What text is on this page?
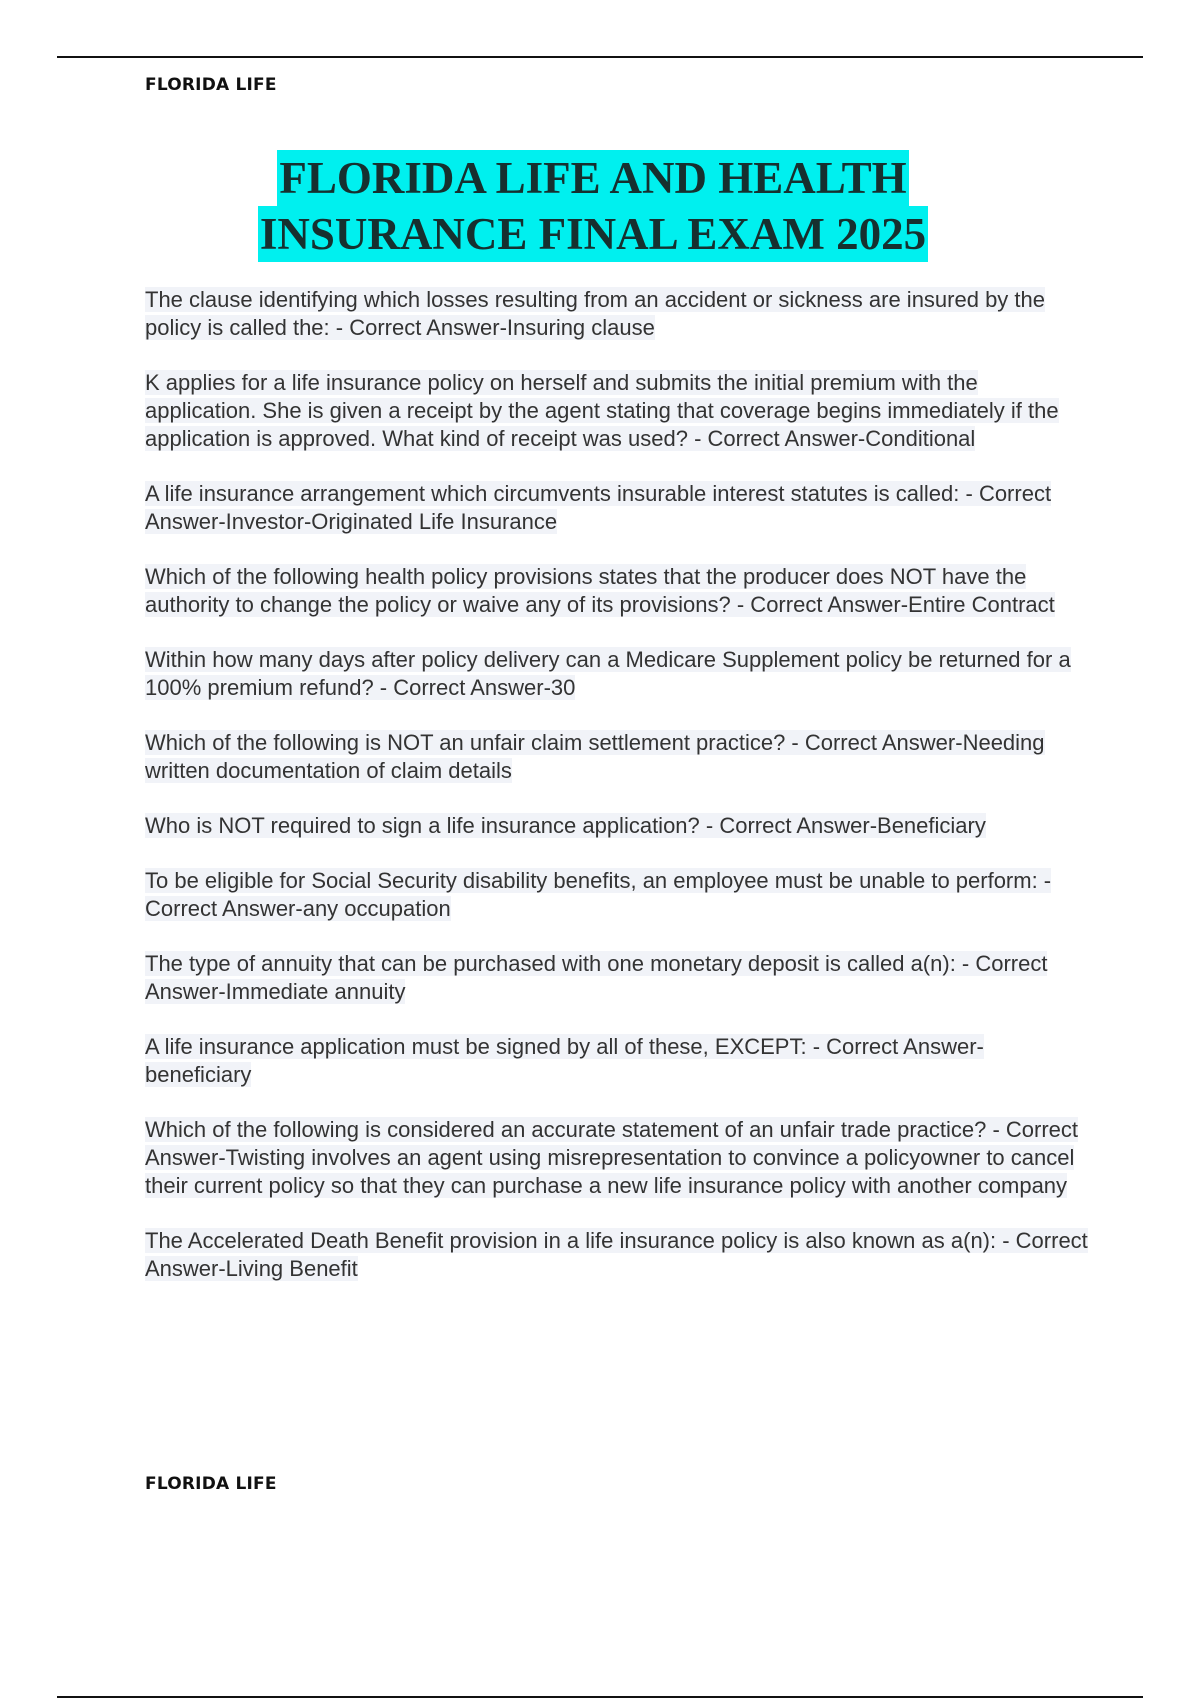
FLORIDA LIFE
FLORIDA LIFE AND HEALTH
INSURANCE FINAL EXAM 2025

The clause identifying which losses resulting from an accident or sickness are insured by the policy is called the: - Correct Answer-Insuring clause

K applies for a life insurance policy on herself and submits the initial premium with the application. She is given a receipt by the agent stating that coverage begins immediately if the application is approved. What kind of receipt was used? - Correct Answer-Conditional

A life insurance arrangement which circumvents insurable interest statutes is called: - Correct Answer-Investor-Originated Life Insurance

Which of the following health policy provisions states that the producer does NOT have the authority to change the policy or waive any of its provisions? - Correct Answer-Entire Contract

Within how many days after policy delivery can a Medicare Supplement policy be returned for a 100% premium refund? - Correct Answer-30

Which of the following is NOT an unfair claim settlement practice? - Correct Answer-Needing written documentation of claim details

Who is NOT required to sign a life insurance application? - Correct Answer-Beneficiary

To be eligible for Social Security disability benefits, an employee must be unable to perform: - Correct Answer-any occupation

The type of annuity that can be purchased with one monetary deposit is called a(n): - Correct Answer-Immediate annuity

A life insurance application must be signed by all of these, EXCEPT: - Correct Answer-beneficiary

Which of the following is considered an accurate statement of an unfair trade practice? - Correct Answer-Twisting involves an agent using misrepresentation to convince a policyowner to cancel their current policy so that they can purchase a new life insurance policy with another company

The Accelerated Death Benefit provision in a life insurance policy is also known as a(n): - Correct Answer-Living Benefit

FLORIDA LIFE
